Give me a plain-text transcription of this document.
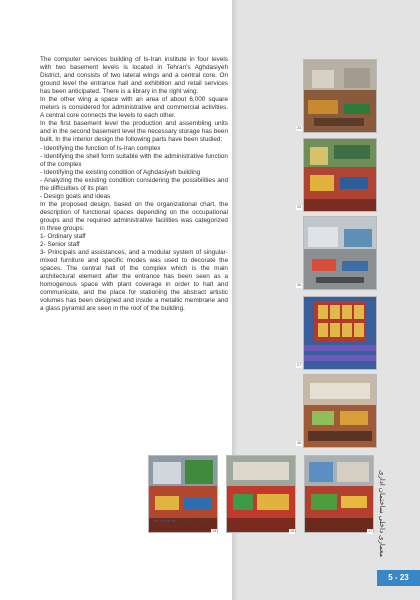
The computer services building of Is-Iran institute in four levels with two basement levels is located in Tehran's Aghdasiyeh District, and consists of two lateral wings and a central core. On ground level the entrance hall and exhibition and retail services has been anticipated. There is a library in the right wing.

In the other wing a space with an area of about 6,000 square meters is considered for administrative and commercial activities. A central core connects the levels to each other.

In the first basement level the production and assembling units and in the second basement level the necessary storage has been built. In the interior design the following parts have been studied:

- Identifying the function of Is-Iran complex

- Identifying the shell form suitable with the administrative function of the complex

- Identifying the existing condition of Aghdasiyeh building

- Analyzing the existing condition considering the possibilities and the difficulties of its plan

- Design goals and ideas

In the proposed design, based on the organizational chart, the description of functional spaces depending on the occupational groups and the required administrative facilities was categorized in three groups:

1- Ordinary staff

2- Senior staff

3- Principals and assistances, and a modular system of singular-mixed furniture and specific modes was used to decorate the spaces. The central hall of the complex which is the main architectural element after the entrance has been seen as a homogenous space with plant coverage in order to halt and communicate, and the place for stationing the abstract artistic volumes has been designed and inside a metallic membrane and a glass pyramid are seen in the roof of the building.

24
25
26
27
28
19	18	17
پلان‌های مجتمع اداری ۱۹-۱۸-۱۷-۲۸	معماری داخلی ساختمان اداری
5 - 23
